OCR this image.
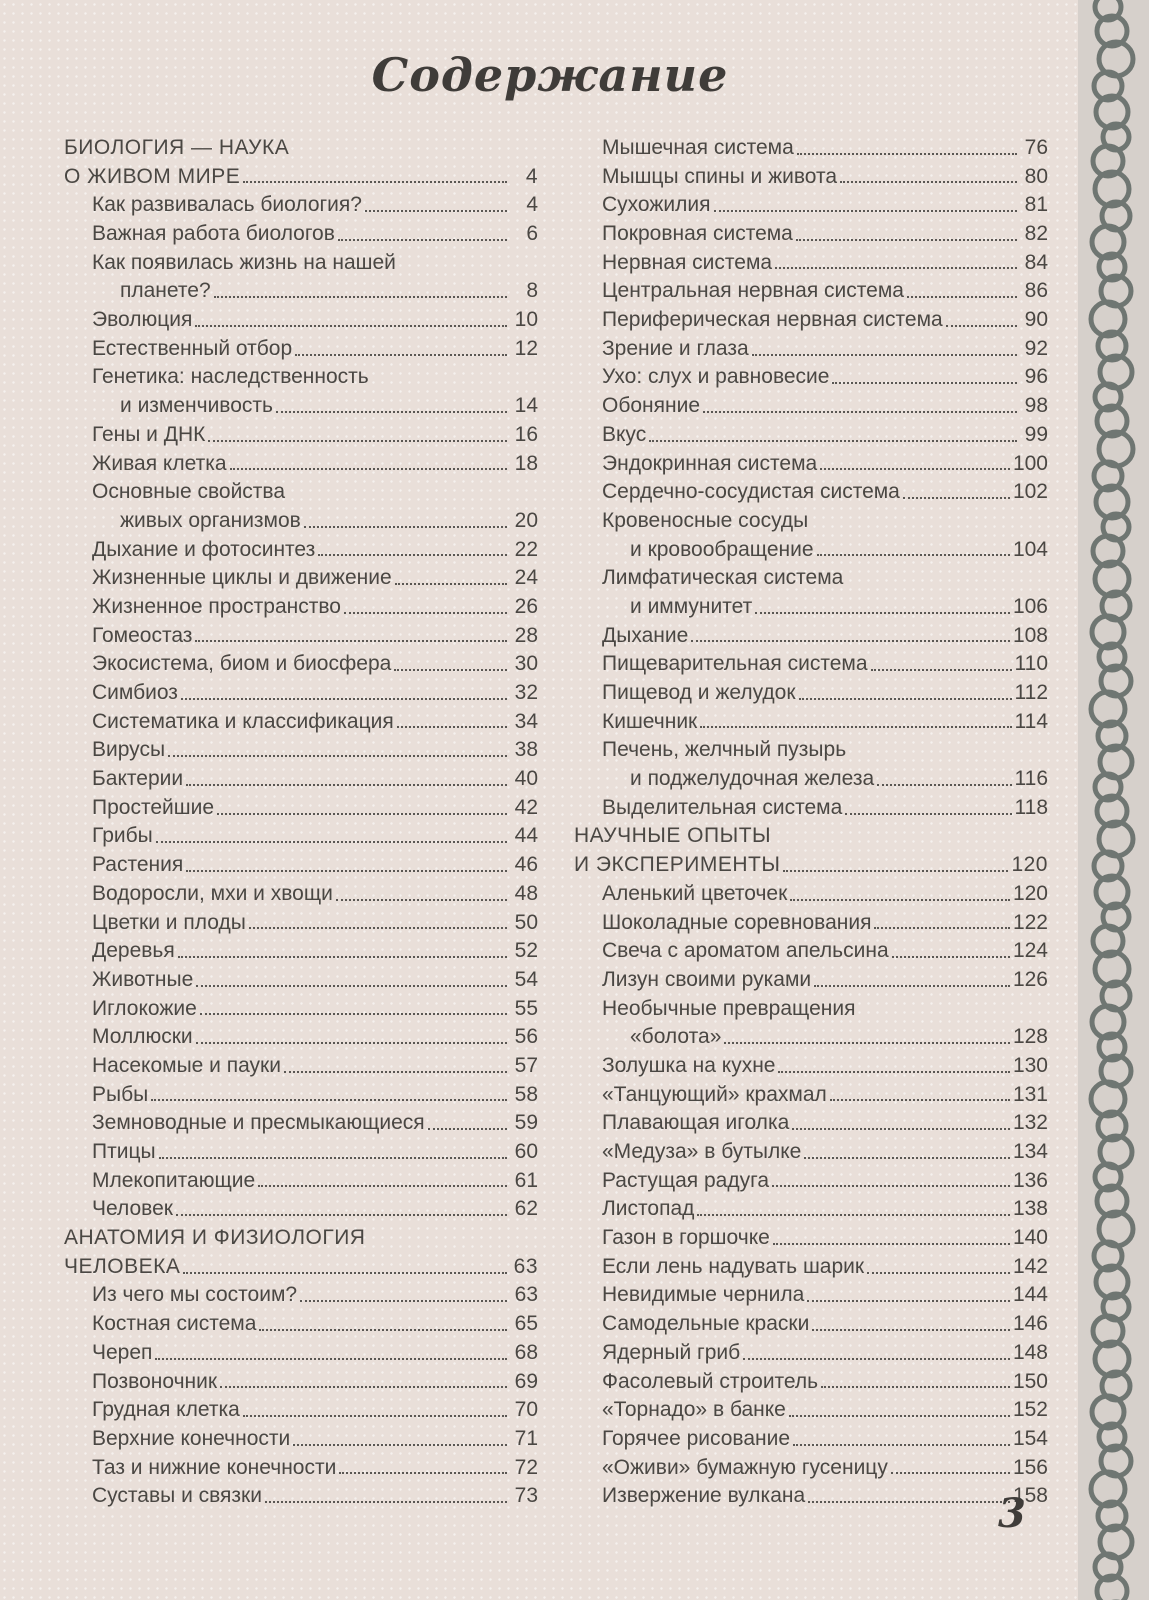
Содержание
БИОЛОГИЯ — НАУКА
О ЖИВОМ МИРЕ	4
Как развивалась биология?	4
Важная работа биологов	6
Как появилась жизнь на нашей
планете?	8
Эволюция	10
Естественный отбор	12
Генетика: наследственность
и изменчивость	14
Гены и ДНК	16
Живая клетка	18
Основные свойства
живых организмов	20
Дыхание и фотосинтез	22
Жизненные циклы и движение	24
Жизненное пространство	26
Гомеостаз	28
Экосистема, биом и биосфера	30
Симбиоз	32
Систематика и классификация	34
Вирусы	38
Бактерии	40
Простейшие	42
Грибы	44
Растения	46
Водоросли, мхи и хвощи	48
Цветки и плоды	50
Деревья	52
Животные	54
Иглокожие	55
Моллюски	56
Насекомые и пауки	57
Рыбы	58
Земноводные и пресмыкающиеся	59
Птицы	60
Млекопитающие	61
Человек	62
АНАТОМИЯ И ФИЗИОЛОГИЯ
ЧЕЛОВЕКА	63
Из чего мы состоим?	63
Костная система	65
Череп	68
Позвоночник	69
Грудная клетка	70
Верхние конечности	71
Таз и нижние конечности	72
Суставы и связки	73
Мышечная система	76
Мышцы спины и живота	80
Сухожилия	81
Покровная система	82
Нервная система	84
Центральная нервная система	86
Периферическая нервная система	90
Зрение и глаза	92
Ухо: слух и равновесие	96
Обоняние	98
Вкус	99
Эндокринная система	100
Сердечно-сосудистая система	102
Кровеносные сосуды
и кровообращение	104
Лимфатическая система
и иммунитет	106
Дыхание	108
Пищеварительная система	110
Пищевод и желудок	112
Кишечник	114
Печень, желчный пузырь
и поджелудочная железа	116
Выделительная система	118
НАУЧНЫЕ ОПЫТЫ
И ЭКСПЕРИМЕНТЫ	120
Аленький цветочек	120
Шоколадные соревнования	122
Свеча с ароматом апельсина	124
Лизун своими руками	126
Необычные превращения
«болота»	128
Золушка на кухне	130
«Танцующий» крахмал	131
Плавающая иголка	132
«Медуза» в бутылке	134
Растущая радуга	136
Листопад	138
Газон в горшочке	140
Если лень надувать шарик	142
Невидимые чернила	144
Самодельные краски	146
Ядерный гриб	148
Фасолевый строитель	150
«Торнадо» в банке	152
Горячее рисование	154
«Оживи» бумажную гусеницу	156
Извержение вулкана	158
3
